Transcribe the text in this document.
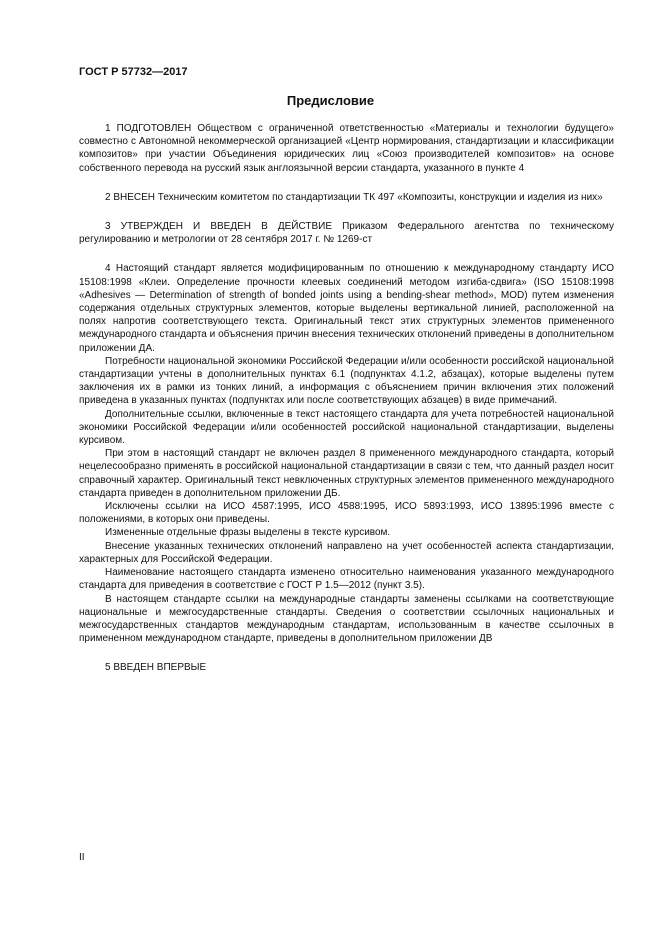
ГОСТ Р 57732—2017
Предисловие

1 ПОДГОТОВЛЕН Обществом с ограниченной ответственностью «Материалы и технологии будущего» совместно с Автономной некоммерческой организацией «Центр нормирования, стандартизации и классификации композитов» при участии Объединения юридических лиц «Союз производителей композитов» на основе собственного перевода на русский язык англоязычной версии стандарта, указанного в пункте 4

2 ВНЕСЕН Техническим комитетом по стандартизации ТК 497 «Композиты, конструкции и изделия из них»

3 УТВЕРЖДЕН И ВВЕДЕН В ДЕЙСТВИЕ Приказом Федерального агентства по техническому регулированию и метрологии от 28 сентября 2017 г. № 1269-ст

4 Настоящий стандарт является модифицированным по отношению к международному стандарту ИСО 15108:1998 «Клеи. Определение прочности клеевых соединений методом изгиба-сдвига» (ISO 15108:1998 «Adhesives — Determination of strength of bonded joints using a bending-shear method», MOD) путем изменения содержания отдельных структурных элементов, которые выделены вертикальной линией, расположенной на полях напротив соответствующего текста. Оригинальный текст этих структурных элементов примененного международного стандарта и объяснения причин внесения технических отклонений приведены в дополнительном приложении ДА.

Потребности национальной экономики Российской Федерации и/или особенности российской национальной стандартизации учтены в дополнительных пунктах 6.1 (подпунктах 4.1.2, абзацах), которые выделены путем заключения их в рамки из тонких линий, а информация с объяснением причин включения этих положений приведена в указанных пунктах (подпунктах или после соответствующих абзацев) в виде примечаний.

Дополнительные ссылки, включенные в текст настоящего стандарта для учета потребностей национальной экономики Российской Федерации и/или особенностей российской национальной стандартизации, выделены курсивом.

При этом в настоящий стандарт не включен раздел 8 примененного международного стандарта, который нецелесообразно применять в российской национальной стандартизации в связи с тем, что данный раздел носит справочный характер. Оригинальный текст невключенных структурных элементов примененного международного стандарта приведен в дополнительном приложении ДБ.

Исключены ссылки на ИСО 4587:1995, ИСО 4588:1995, ИСО 5893:1993, ИСО 13895:1996 вместе с положениями, в которых они приведены.

Измененные отдельные фразы выделены в тексте курсивом.

Внесение указанных технических отклонений направлено на учет особенностей аспекта стандартизации, характерных для Российской Федерации.

Наименование настоящего стандарта изменено относительно наименования указанного международного стандарта для приведения в соответствие с ГОСТ Р 1.5—2012 (пункт 3.5).

В настоящем стандарте ссылки на международные стандарты заменены ссылками на соответствующие национальные и межгосударственные стандарты. Сведения о соответствии ссылочных национальных и межгосударственных стандартов международным стандартам, использованным в качестве ссылочных в примененном международном стандарте, приведены в дополнительном приложении ДВ

5 ВВЕДЕН ВПЕРВЫЕ

II
